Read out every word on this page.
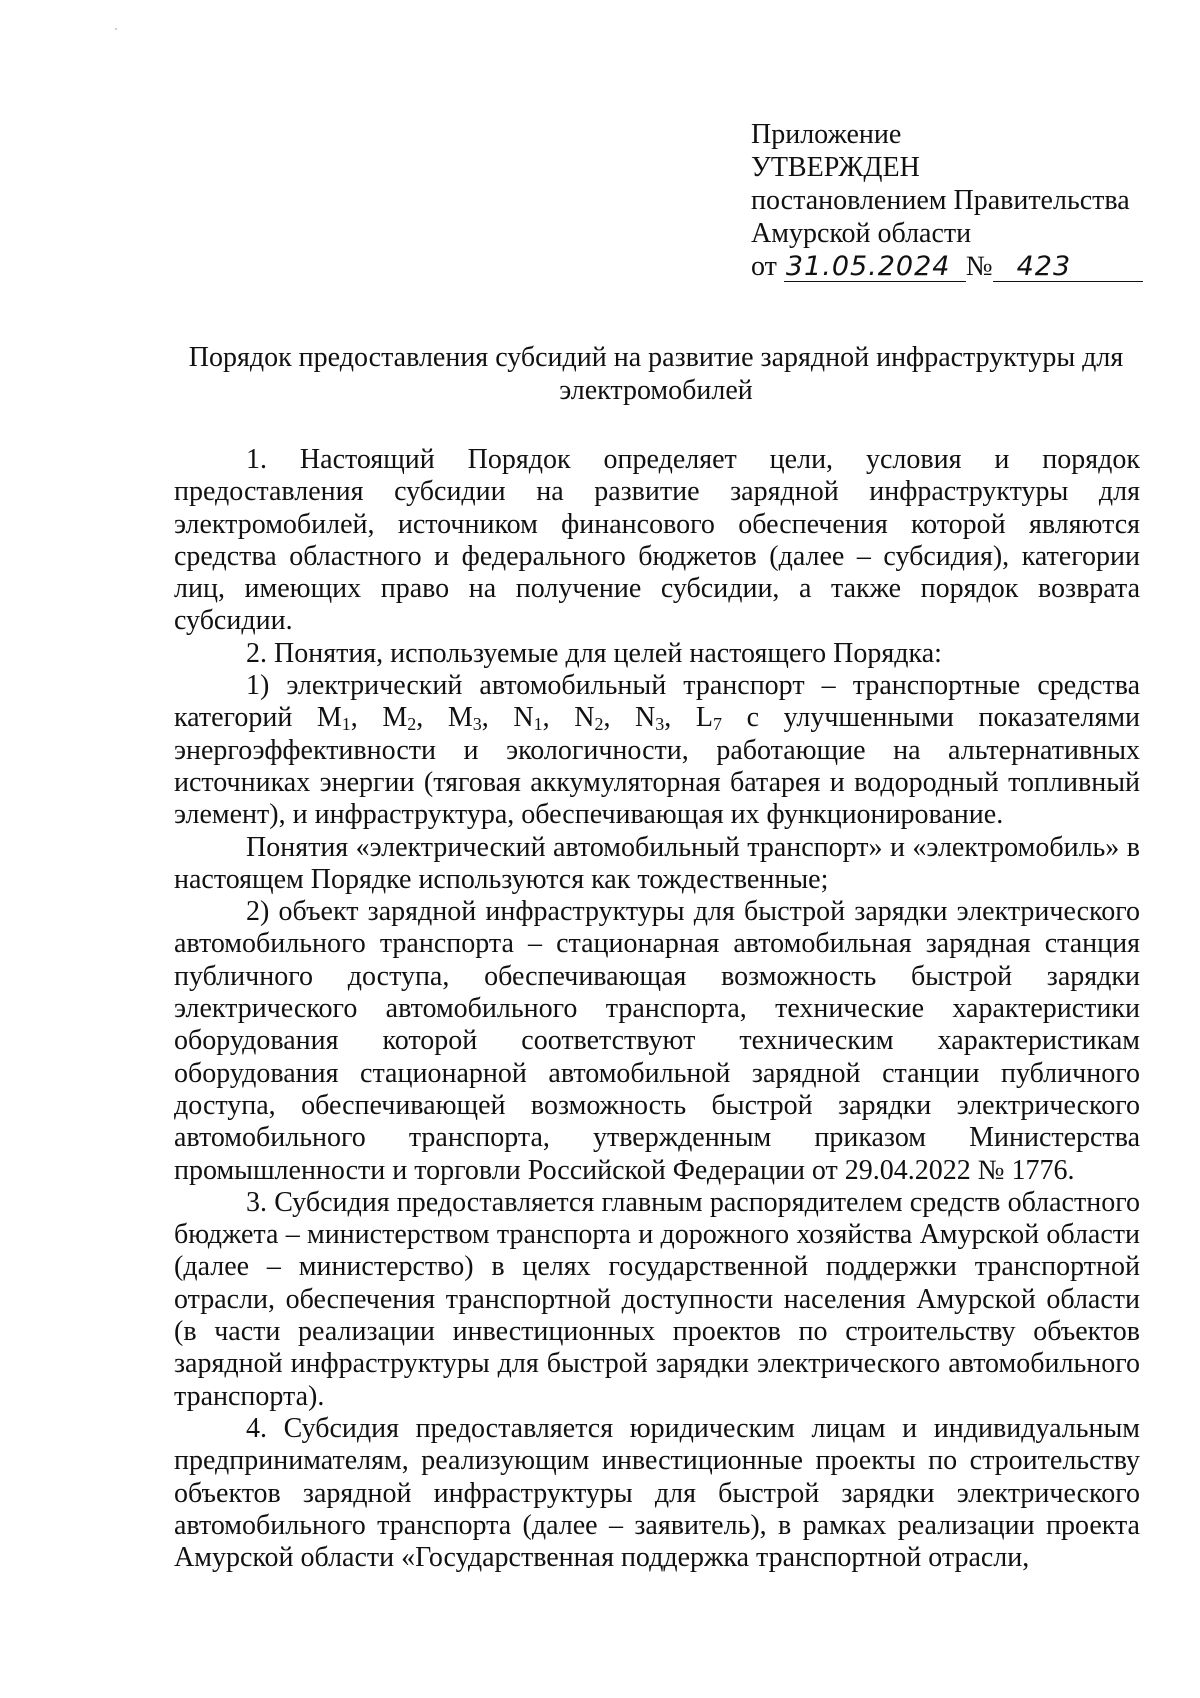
Приложение
УТВЕРЖДЕН
постановлением Правительства
Амурской области
от 31.05.2024 № 423
Порядок предоставления субсидий на развитие зарядной инфраструктуры для электромобилей

1. Настоящий Порядок определяет цели, условия и порядок предоставления субсидии на развитие зарядной инфраструктуры для электромобилей, источником финансового обеспечения которой являются средства областного и федерального бюджетов (далее – субсидия), категории лиц, имеющих право на получение субсидии, а также порядок возврата субсидии.

2. Понятия, используемые для целей настоящего Порядка:

1) электрический автомобильный транспорт – транспортные средства категорий $M_1$, $M_2$, $M_3$, $N_1$, $N_2$, $N_3$, $L_7$ с улучшенными показателями энергоэффективности и экологичности, работающие на альтернативных источниках энергии (тяговая аккумуляторная батарея и водородный топливный элемент), и инфраструктура, обеспечивающая их функционирование.

Понятия «электрический автомобильный транспорт» и «электромобиль» в настоящем Порядке используются как тождественные;

2) объект зарядной инфраструктуры для быстрой зарядки электрического автомобильного транспорта – стационарная автомобильная зарядная станция публичного доступа, обеспечивающая возможность быстрой зарядки электрического автомобильного транспорта, технические характеристики оборудования которой соответствуют техническим характеристикам оборудования стационарной автомобильной зарядной станции публичного доступа, обеспечивающей возможность быстрой зарядки электрического автомобильного транспорта, утвержденным приказом Министерства промышленности и торговли Российской Федерации от 29.04.2022 № 1776.

3. Субсидия предоставляется главным распорядителем средств областного бюджета – министерством транспорта и дорожного хозяйства Амурской области (далее – министерство) в целях государственной поддержки транспортной отрасли, обеспечения транспортной доступности населения Амурской области (в части реализации инвестиционных проектов по строительству объектов зарядной инфраструктуры для быстрой зарядки электрического автомобильного транспорта).

4. Субсидия предоставляется юридическим лицам и индивидуальным предпринимателям, реализующим инвестиционные проекты по строительству объектов зарядной инфраструктуры для быстрой зарядки электрического автомобильного транспорта (далее – заявитель), в рамках реализации проекта Амурской области «Государственная поддержка транспортной отрасли,
